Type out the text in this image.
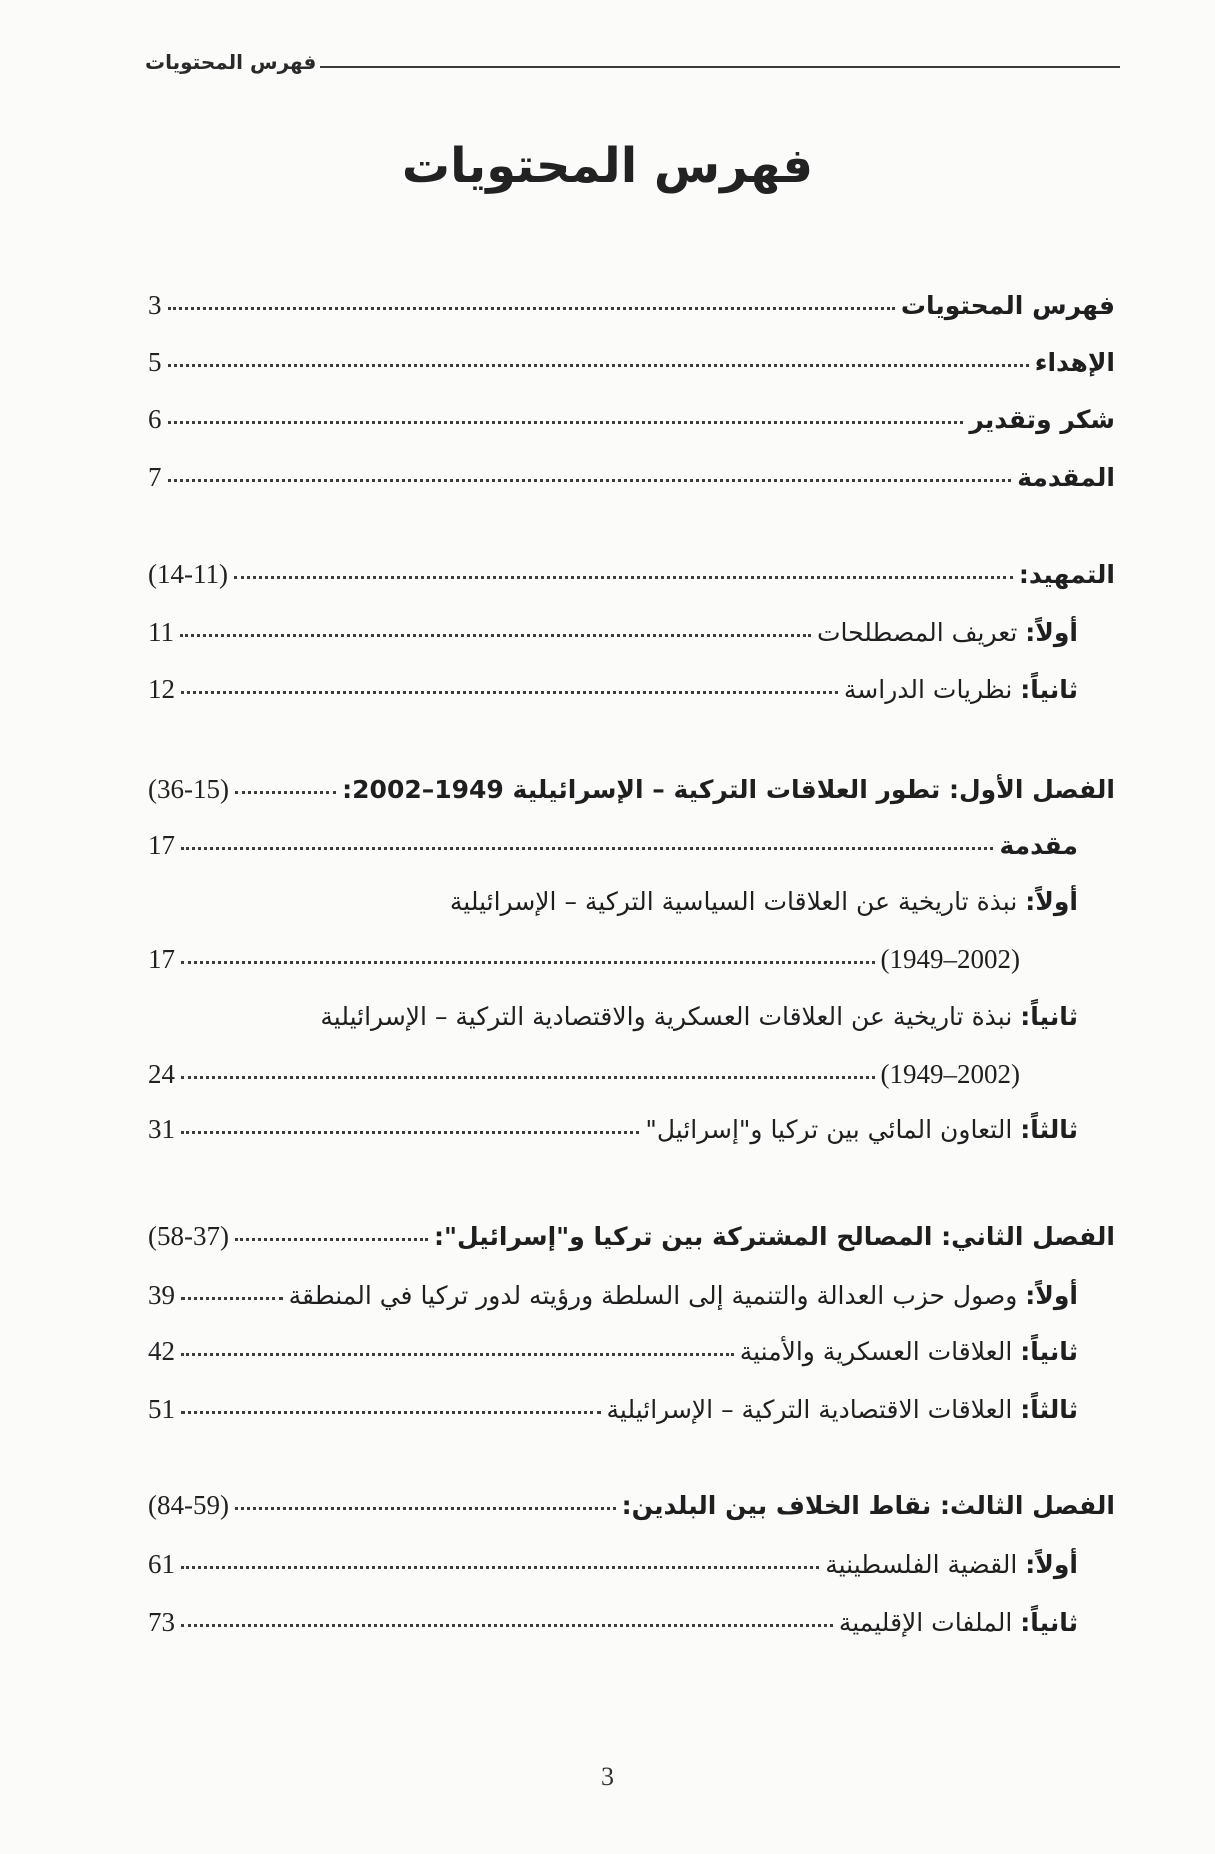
فهرس المحتويات
فهرس المحتويات
فهرس المحتويات
3
الإهداء
5
شكر وتقدير
6
المقدمة
7
التمهيد:
(14-11)
أولاً: تعريف المصطلحات
11
ثانياً: نظريات الدراسة
12
الفصل الأول: تطور العلاقات التركية – الإسرائيلية 1949–2002:
(36-15)
مقدمة
17
أولاً: نبذة تاريخية عن العلاقات السياسية التركية – الإسرائيلية
(2002–1949)
17
ثانياً: نبذة تاريخية عن العلاقات العسكرية والاقتصادية التركية – الإسرائيلية
(2002–1949)
24
ثالثاً: التعاون المائي بين تركيا و"إسرائيل"
31
الفصل الثاني: المصالح المشتركة بين تركيا و"إسرائيل":
(58-37)
أولاً: وصول حزب العدالة والتنمية إلى السلطة ورؤيته لدور تركيا في المنطقة
39
ثانياً: العلاقات العسكرية والأمنية
42
ثالثاً: العلاقات الاقتصادية التركية – الإسرائيلية
51
الفصل الثالث: نقاط الخلاف بين البلدين:
(84-59)
أولاً: القضية الفلسطينية
61
ثانياً: الملفات الإقليمية
73
3
